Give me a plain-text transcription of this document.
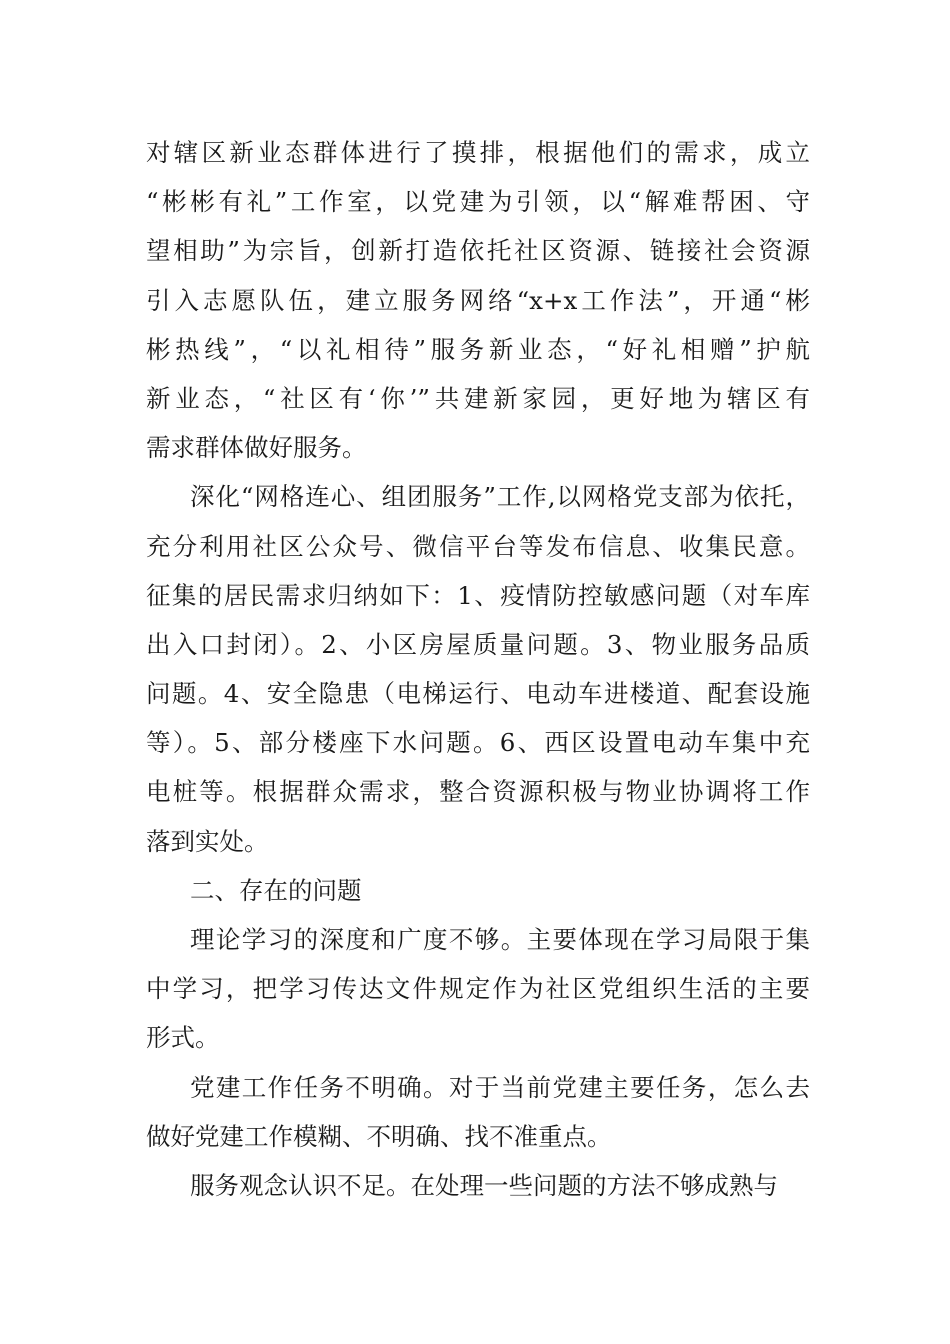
对辖区新业态群体进行了摸排，根据他们的需求，成立
“彬彬有礼”工作室，以党建为引领，以“解难帮困、守
望相助”为宗旨，创新打造依托社区资源、链接社会资源
引入志愿队伍，建立服务网络“x+x工作法”，开通“彬
彬热线”，“以礼相待”服务新业态，“好礼相赠”护航
新业态，“社区有‘你’”共建新家园，更好地为辖区有
需求群体做好服务。
深化“网格连心、组团服务”工作,以网格党支部为依托，
充分利用社区公众号、微信平台等发布信息、收集民意。
征集的居民需求归纳如下：1、疫情防控敏感问题（对车库
出入口封闭）。2、小区房屋质量问题。3、物业服务品质
问题。4、安全隐患（电梯运行、电动车进楼道、配套设施
等）。5、部分楼座下水问题。6、西区设置电动车集中充
电桩等。根据群众需求，整合资源积极与物业协调将工作
落到实处。
二、存在的问题
理论学习的深度和广度不够。主要体现在学习局限于集
中学习，把学习传达文件规定作为社区党组织生活的主要
形式。
党建工作任务不明确。对于当前党建主要任务，怎么去
做好党建工作模糊、不明确、找不准重点。
服务观念认识不足。在处理一些问题的方法不够成熟与
